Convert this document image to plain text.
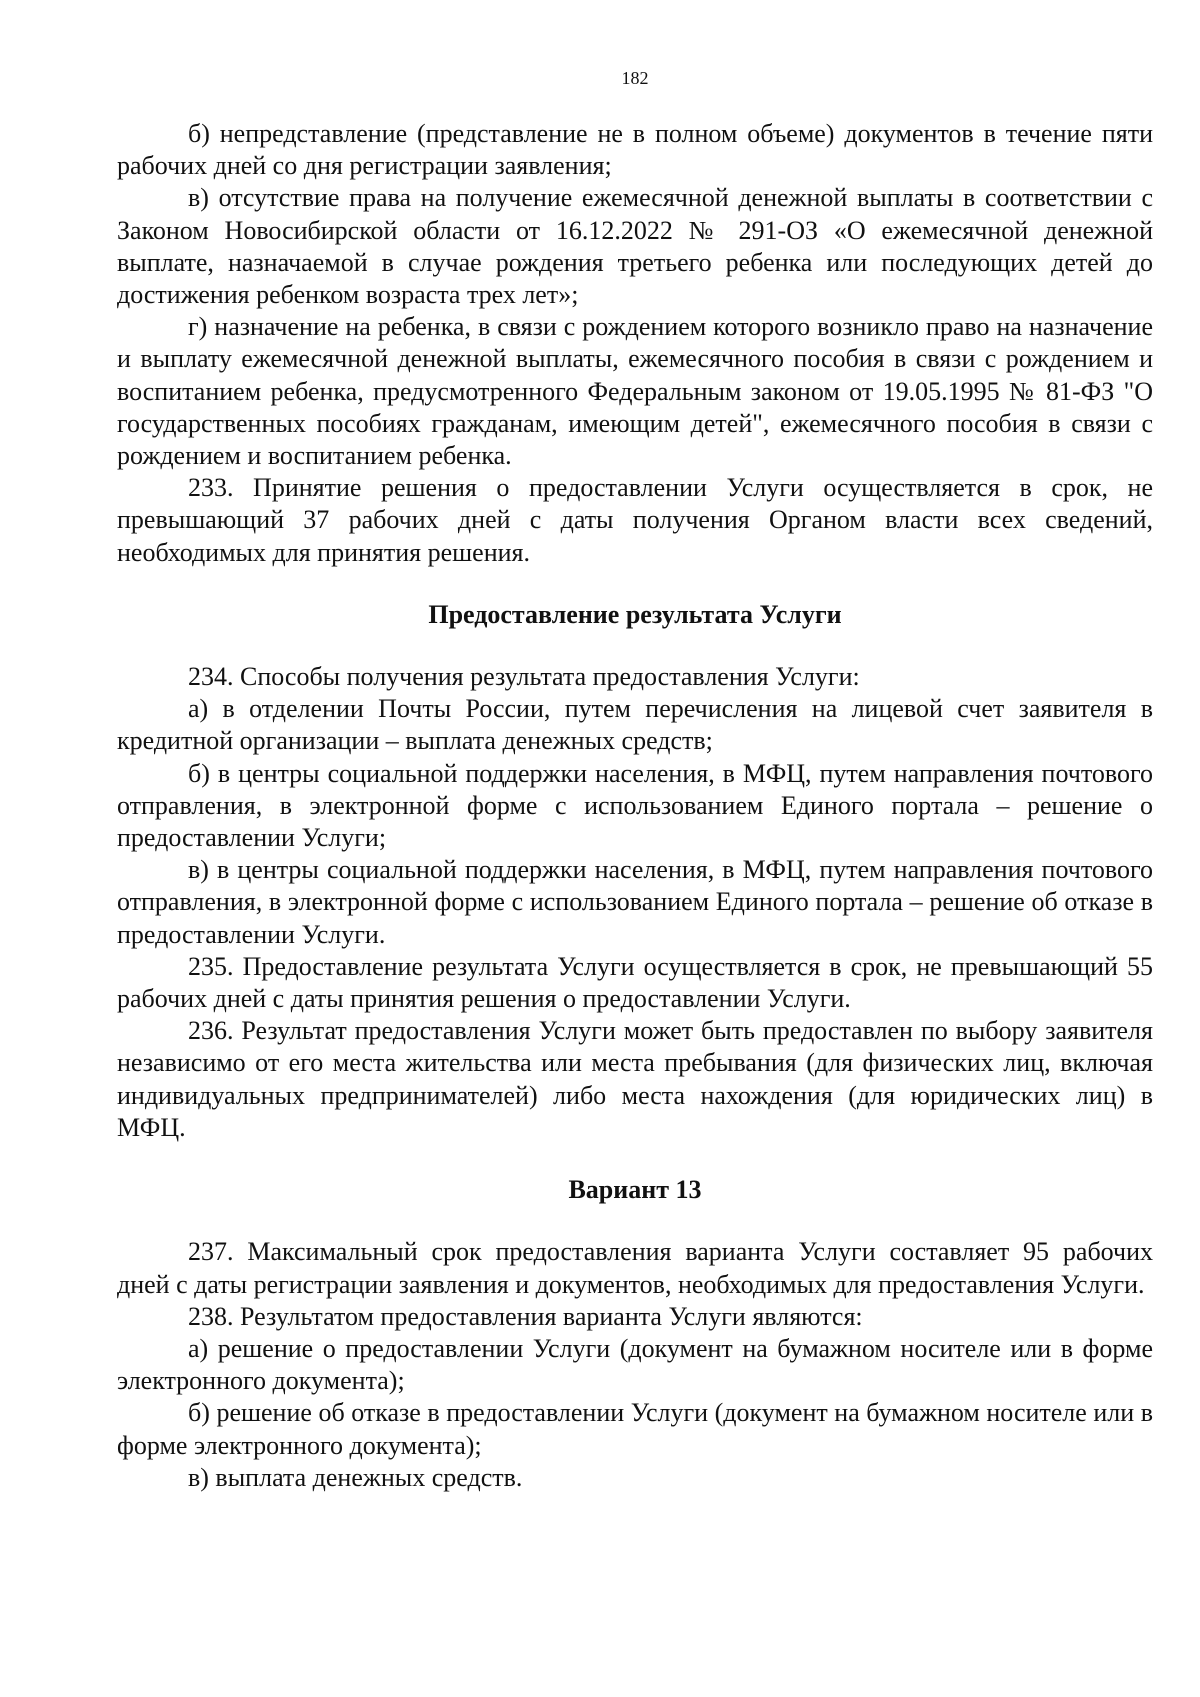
182

б) непредставление (представление не в полном объеме) документов в течение пяти рабочих дней со дня регистрации заявления;

в) отсутствие права на получение ежемесячной денежной выплаты в соответствии с Законом Новосибирской области от 16.12.2022 № 291-ОЗ «О ежемесячной денежной выплате, назначаемой в случае рождения третьего ребенка или последующих детей до достижения ребенком возраста трех лет»;

г) назначение на ребенка, в связи с рождением которого возникло право на назначение и выплату ежемесячной денежной выплаты, ежемесячного пособия в связи с рождением и воспитанием ребенка, предусмотренного Федеральным законом от 19.05.1995 № 81-ФЗ "О государственных пособиях гражданам, имеющим детей", ежемесячного пособия в связи с рождением и воспитанием ребенка.

233. Принятие решения о предоставлении Услуги осуществляется в срок, не превышающий 37 рабочих дней с даты получения Органом власти всех сведений, необходимых для принятия решения.

Предоставление результата Услуги

234. Способы получения результата предоставления Услуги:

а) в отделении Почты России, путем перечисления на лицевой счет заявителя в кредитной организации – выплата денежных средств;

б) в центры социальной поддержки населения, в МФЦ, путем направления почтового отправления, в электронной форме с использованием Единого портала – решение о предоставлении Услуги;

в) в центры социальной поддержки населения, в МФЦ, путем направления почтового отправления, в электронной форме с использованием Единого портала – решение об отказе в предоставлении Услуги.

235. Предоставление результата Услуги осуществляется в срок, не превышающий 55 рабочих дней с даты принятия решения о предоставлении Услуги.

236. Результат предоставления Услуги может быть предоставлен по выбору заявителя независимо от его места жительства или места пребывания (для физических лиц, включая индивидуальных предпринимателей) либо места нахождения (для юридических лиц) в МФЦ.

Вариант 13

237. Максимальный срок предоставления варианта Услуги составляет 95 рабочих дней с даты регистрации заявления и документов, необходимых для предоставления Услуги.

238. Результатом предоставления варианта Услуги являются:

а) решение о предоставлении Услуги (документ на бумажном носителе или в форме электронного документа);

б) решение об отказе в предоставлении Услуги (документ на бумажном носителе или в форме электронного документа);

в) выплата денежных средств.
